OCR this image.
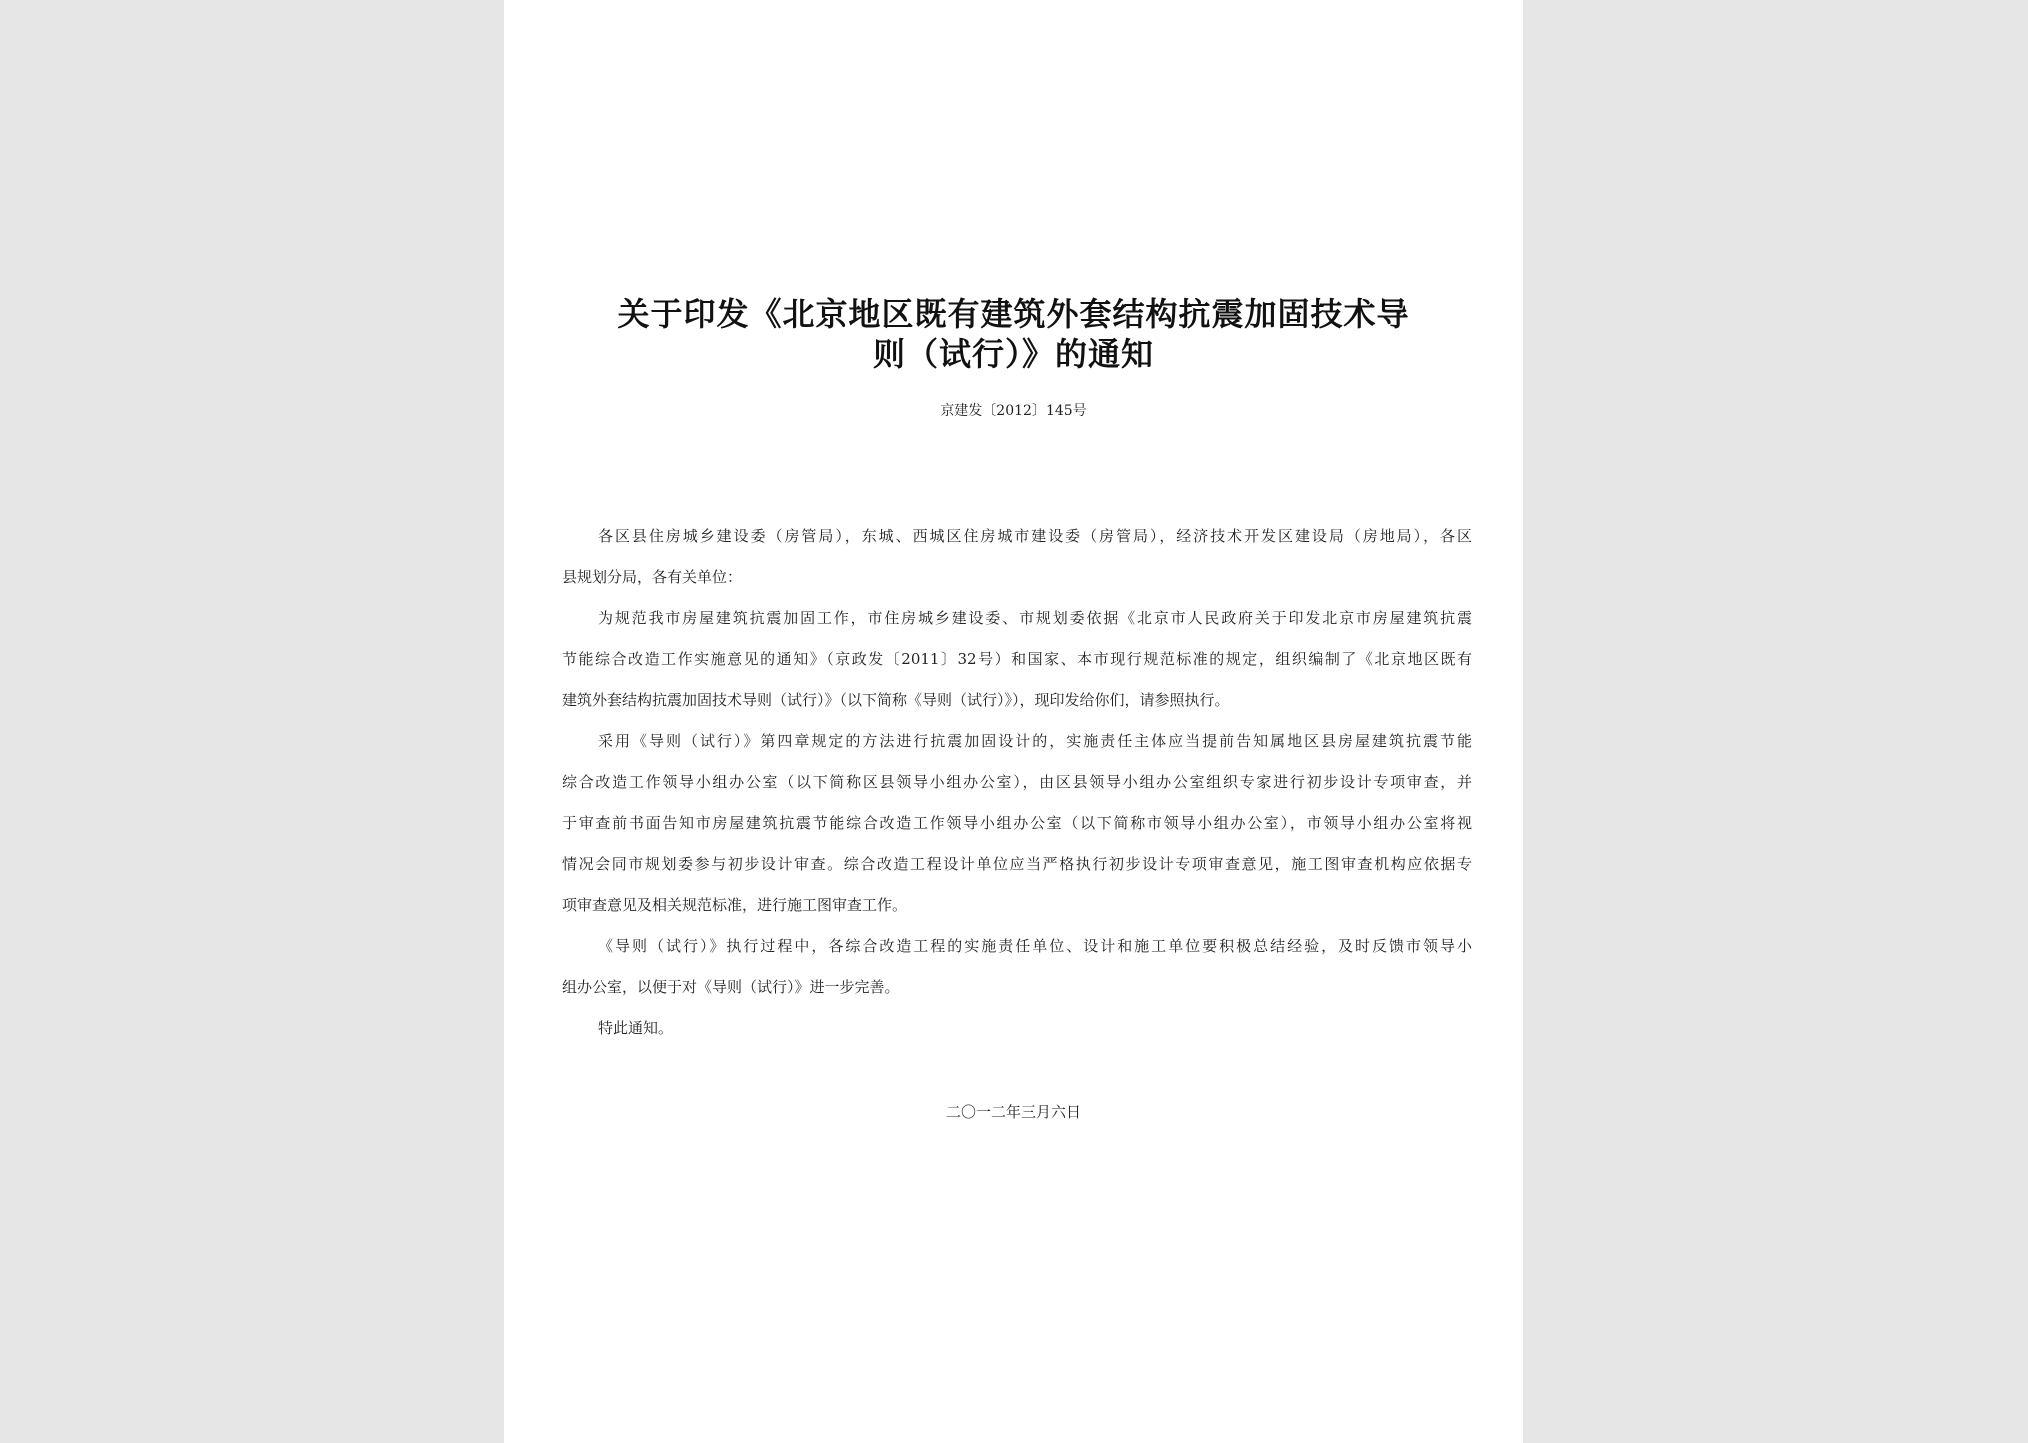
关于印发《北京地区既有建筑外套结构抗震加固技术导
则（试行）》的通知
京建发〔2012〕145号
各区县住房城乡建设委（房管局），东城、西城区住房城市建设委（房管局），经济技术开发区建设局（房地局），各区
县规划分局，各有关单位：
为规范我市房屋建筑抗震加固工作，市住房城乡建设委、市规划委依据《北京市人民政府关于印发北京市房屋建筑抗震
节能综合改造工作实施意见的通知》（京政发〔2011〕32号）和国家、本市现行规范标准的规定，组织编制了《北京地区既有
建筑外套结构抗震加固技术导则（试行）》（以下简称《导则（试行）》），现印发给你们，请参照执行。
采用《导则（试行）》第四章规定的方法进行抗震加固设计的，实施责任主体应当提前告知属地区县房屋建筑抗震节能
综合改造工作领导小组办公室（以下简称区县领导小组办公室），由区县领导小组办公室组织专家进行初步设计专项审查，并
于审查前书面告知市房屋建筑抗震节能综合改造工作领导小组办公室（以下简称市领导小组办公室），市领导小组办公室将视
情况会同市规划委参与初步设计审查。综合改造工程设计单位应当严格执行初步设计专项审查意见，施工图审查机构应依据专
项审查意见及相关规范标准，进行施工图审查工作。
《导则（试行）》执行过程中，各综合改造工程的实施责任单位、设计和施工单位要积极总结经验，及时反馈市领导小
组办公室，以便于对《导则（试行）》进一步完善。
特此通知。
二〇一二年三月六日
